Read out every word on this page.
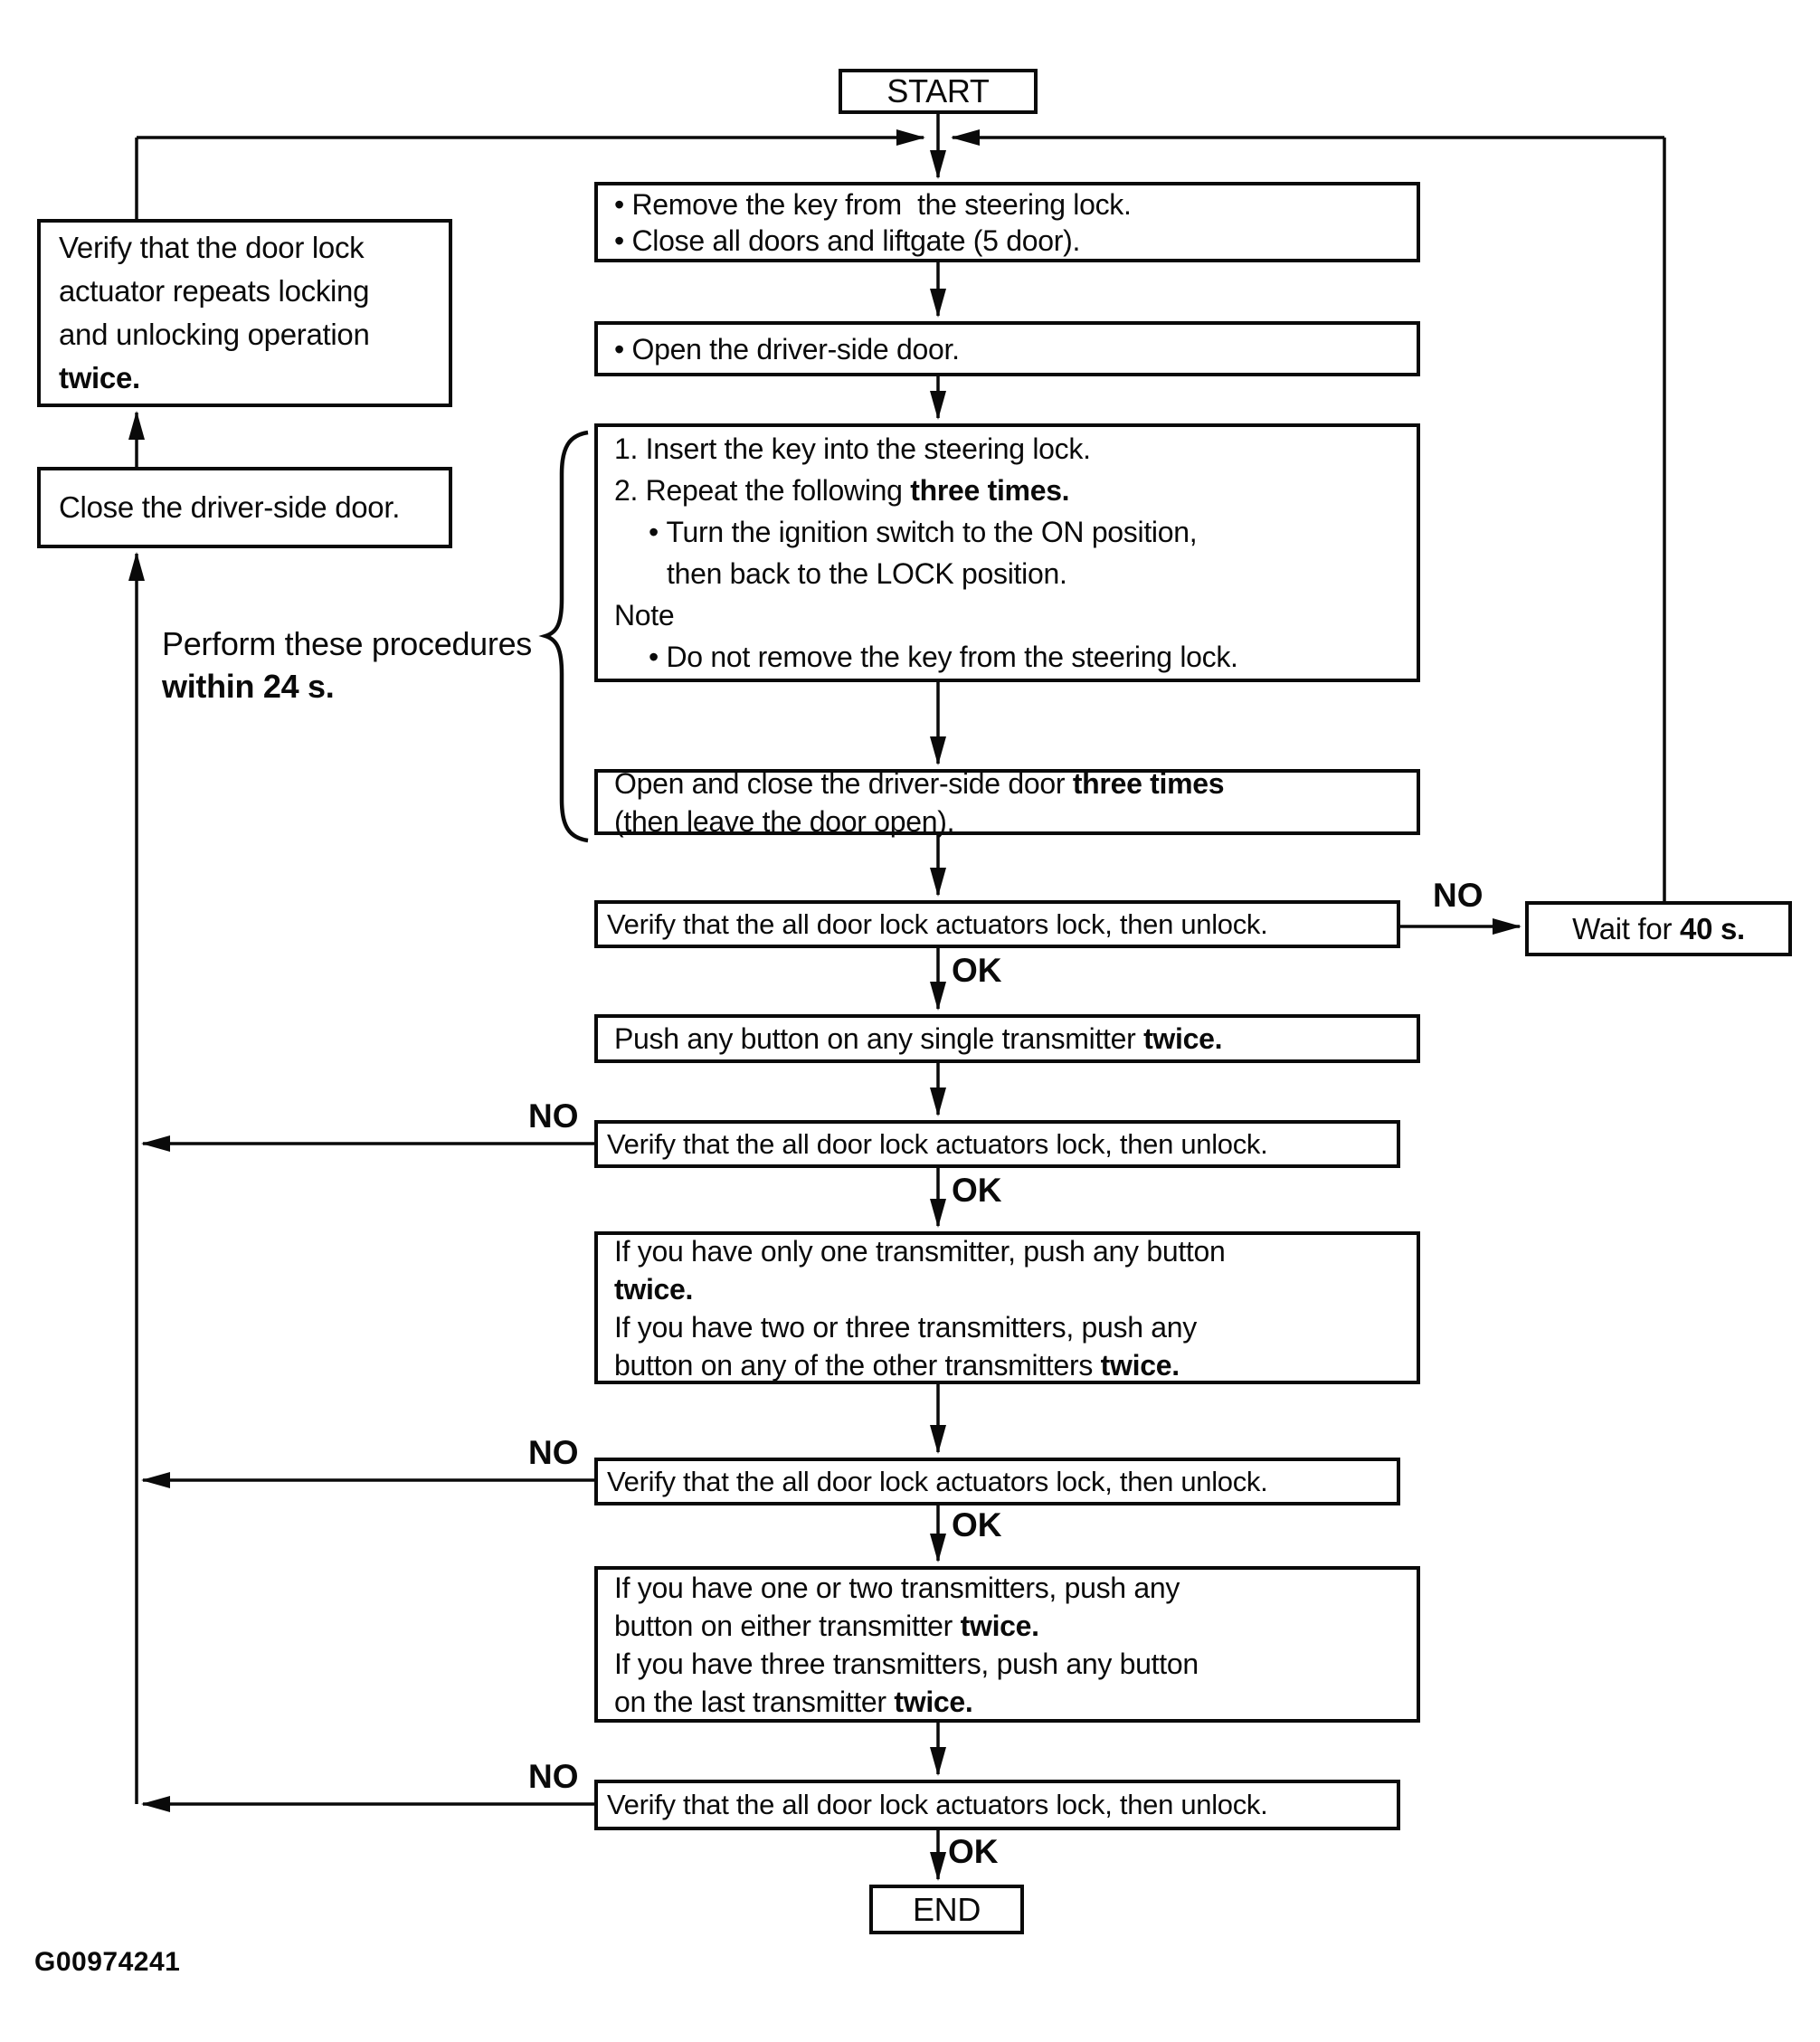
START
END
• Remove the key from  the steering lock.
• Close all doors and liftgate (5 door).
• Open the driver-side door.
1. Insert the key into the steering lock.
2. Repeat the following three times.
• Turn the ignition switch to the ON position,
then back to the LOCK position.
Note
• Do not remove the key from the steering lock.
Open and close the driver-side door three times
(then leave the door open).
Verify that the all door lock actuators lock, then unlock.	Wait for 40 s.
Push any button on any single transmitter twice.
Verify that the all door lock actuators lock, then unlock.
If you have only one transmitter, push any button
twice.
If you have two or three transmitters, push any
button on any of the other transmitters twice.
Verify that the all door lock actuators lock, then unlock.
If you have one or two transmitters, push any
button on either transmitter twice.
If you have three transmitters, push any button
on the last transmitter twice.
Verify that the all door lock actuators lock, then unlock.
Verify that the door lock
actuator repeats locking
and unlocking operation
twice.
Close the driver-side door.
Perform these procedures
within 24 s.
OK
OK
OK
OK
NO
NO
NO
NO
G00974241
